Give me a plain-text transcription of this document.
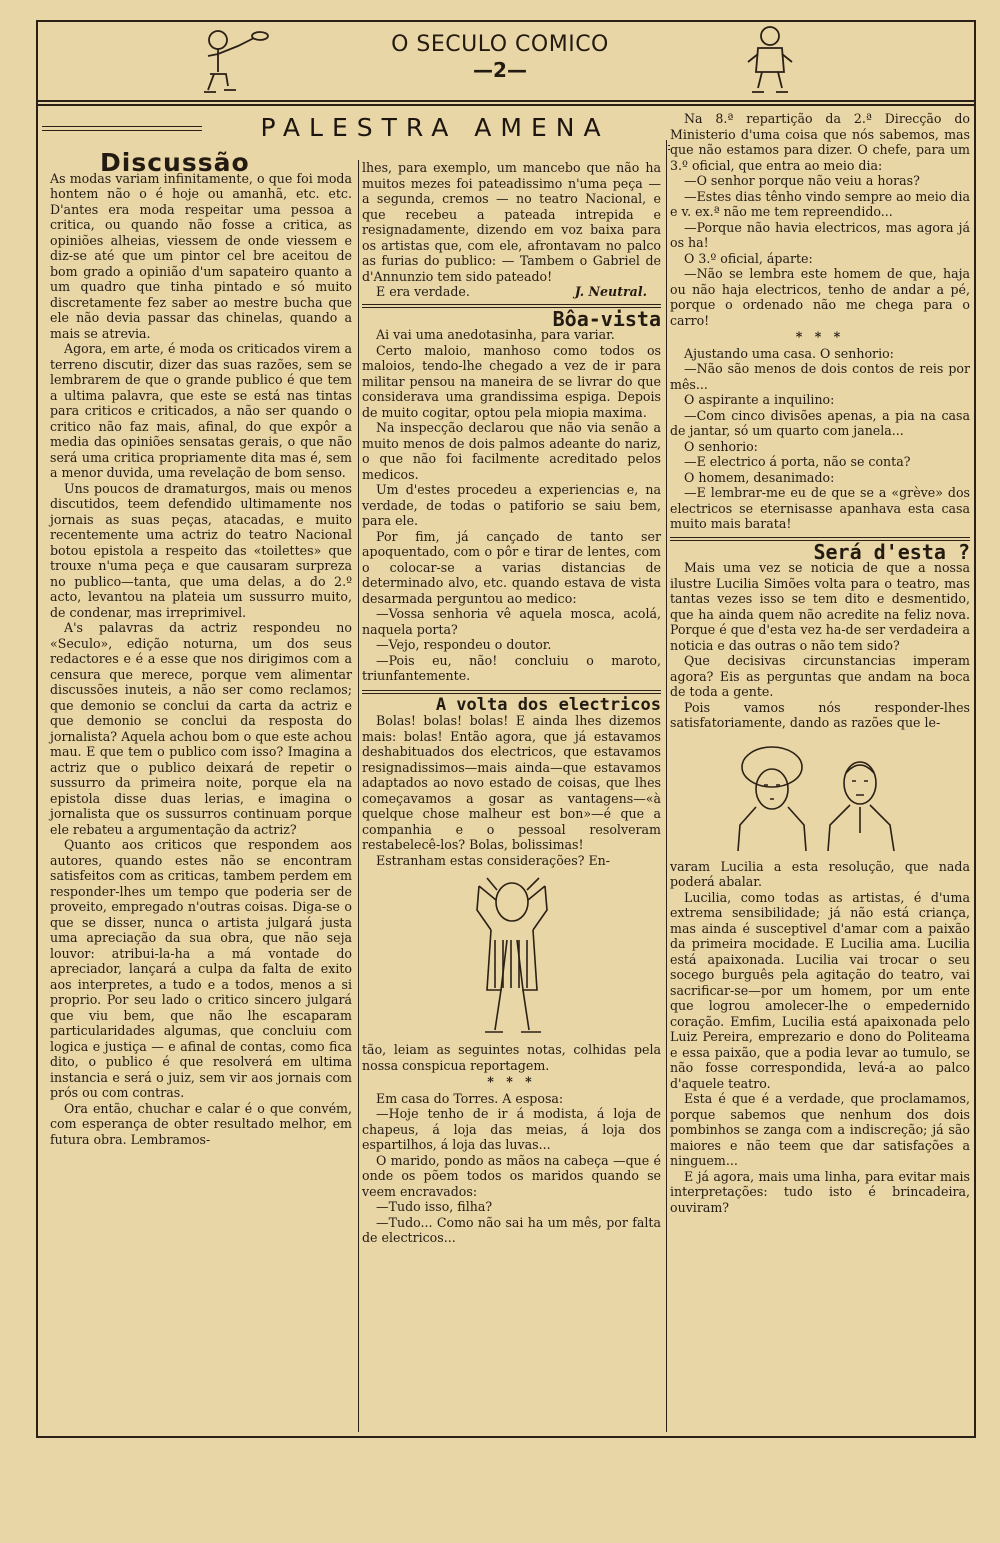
O SECULO COMICO
—2—
PALESTRA AMENA

Discussão

As modas variam infinitamente, o que foi moda hontem não o é hoje ou amanhã, etc. etc. D'antes era moda respeitar uma pessoa a critica, ou quando não fosse a critica, as opiniões alheias, viessem de onde viessem e diz-se até que um pintor cel bre aceitou de bom grado a opinião d'um sapateiro quanto a um quadro que tinha pintado e só muito discretamente fez saber ao mestre bucha que ele não devia passar das chinelas, quando a mais se atrevia.

Agora, em arte, é moda os criticados virem a terreno discutir, dizer das suas razões, sem se lembrarem de que o grande publico é que tem a ultima palavra, que este se está nas tintas para criticos e criticados, a não ser quando o critico não faz mais, afinal, do que expôr a media das opiniões sensatas gerais, o que não será uma critica propriamente dita mas é, sem a menor duvida, uma revelação de bom senso.

Uns poucos de dramaturgos, mais ou menos discutidos, teem defendido ultimamente nos jornais as suas peças, atacadas, e muito recentemente uma actriz do teatro Nacional botou epistola a respeito das «toilettes» que trouxe n'uma peça e que causaram surpreza no publico—tanta, que uma delas, a do 2.º acto, levantou na plateia um sussurro muito, de condenar, mas irreprimivel.

A's palavras da actriz respondeu no «Seculo», edição noturna, um dos seus redactores e é a esse que nos dirigimos com a censura que merece, porque vem alimentar discussões inuteis, a não ser como reclamos; que demonio se conclui da carta da actriz e que demonio se conclui da resposta do jornalista? Aquela achou bom o que este achou mau. E que tem o publico com isso? Imagina a actriz que o publico deixará de repetir o sussurro da primeira noite, porque ela na epistola disse duas lerias, e imagina o jornalista que os sussurros continuam porque ele rebateu a argumentação da actriz?

Quanto aos criticos que respondem aos autores, quando estes não se encontram satisfeitos com as criticas, tambem perdem em responder-lhes um tempo que poderia ser de proveito, empregado n'outras coisas. Diga-se o que se disser, nunca o artista julgará justa uma apreciação da sua obra, que não seja louvor: atribui-la-ha a má vontade do apreciador, lançará a culpa da falta de exito aos interpretes, a tudo e a todos, menos a si proprio. Por seu lado o critico sincero julgará que viu bem, que não lhe escaparam particularidades algumas, que concluiu com logica e justiça — e afinal de contas, como fica dito, o publico é que resolverá em ultima instancia e será o juiz, sem vir aos jornais com prós ou com contras.

Ora então, chuchar e calar é o que convém, com esperança de obter resultado melhor, em futura obra. Lembramos-

lhes, para exemplo, um mancebo que não ha muitos mezes foi pateadissimo n'uma peça — a segunda, cremos — no teatro Nacional, e que recebeu a pateada intrepida e resignadamente, dizendo em voz baixa para os artistas que, com ele, afrontavam no palco as furias do publico: — Tambem o Gabriel de d'Annunzio tem sido pateado!

E era verdade.	J. Neutral.

Bôa-vista

Ai vai uma anedotasinha, para variar.

Certo maloio, manhoso como todos os maloios, tendo-lhe chegado a vez de ir para militar pensou na maneira de se livrar do que considerava uma grandissima espiga. Depois de muito cogitar, optou pela miopia maxima.

Na inspecção declarou que não via senão a muito menos de dois palmos adeante do nariz, o que não foi facilmente acreditado pelos medicos.

Um d'estes procedeu a experiencias e, na verdade, de todas o patiforio se saiu bem, para ele.

Por fim, já cançado de tanto ser apoquentado, com o pôr e tirar de lentes, com o colocar-se a varias distancias de determinado alvo, etc. quando estava de vista desarmada perguntou ao medico:

—Vossa senhoria vê aquela mosca, acolá, naquela porta?

—Vejo, respondeu o doutor.

—Pois eu, não! concluiu o maroto, triunfantemente.

A volta dos electricos

Bolas! bolas! bolas! E ainda lhes dizemos mais: bolas! Então agora, que já estavamos deshabituados dos electricos, que estavamos resignadissimos—mais ainda—que estavamos adaptados ao novo estado de coisas, que lhes começavamos a gosar as vantagens—«à quelque chose malheur est bon»—é que a companhia e o pessoal resolveram restabelecê-los? Bolas, bolissimas!

Estranham estas considerações? En-

tão, leiam as seguintes notas, colhidas pela nossa conspicua reportagem.

* * *

Em casa do Torres. A esposa:

—Hoje tenho de ir á modista, á loja de chapeus, á loja das meias, á loja dos espartilhos, á loja das luvas...

O marido, pondo as mãos na cabeça —que é onde os põem todos os maridos quando se veem encravados:

—Tudo isso, filha?

—Tudo... Como não sai ha um mês, por falta de electricos...

Na 8.ª repartição da 2.ª Direcção do Ministerio d'uma coisa que nós sabemos, mas que não estamos para dizer. O chefe, para um 3.º oficial, que entra ao meio dia:

—O senhor porque não veiu a horas?

—Estes dias tênho vindo sempre ao meio dia e v. ex.ª não me tem repreendido...

—Porque não havia electricos, mas agora já os ha!

O 3.º oficial, áparte:

—Não se lembra este homem de que, haja ou não haja electricos, tenho de andar a pé, porque o ordenado não me chega para o carro!

* * *

Ajustando uma casa. O senhorio:

—Não são menos de dois contos de reis por mês...

O aspirante a inquilino:

—Com cinco divisões apenas, a pia na casa de jantar, só um quarto com janela...

O senhorio:

—E electrico á porta, não se conta?

O homem, desanimado:

—E lembrar-me eu de que se a «grève» dos electricos se eternisasse apanhava esta casa muito mais barata!

Será d'esta ?

Mais uma vez se noticia de que a nossa ilustre Lucilia Simões volta para o teatro, mas tantas vezes isso se tem dito e desmentido, que ha ainda quem não acredite na feliz nova. Porque é que d'esta vez ha-de ser verdadeira a noticia e das outras o não tem sido?

Que decisivas circunstancias imperam agora? Eis as perguntas que andam na boca de toda a gente.

Pois vamos nós responder-lhes satisfatoriamente, dando as razões que le-

varam Lucilia a esta resolução, que nada poderá abalar.

Lucilia, como todas as artistas, é d'uma extrema sensibilidade; já não está criança, mas ainda é susceptivel d'amar com a paixão da primeira mocidade. E Lucilia ama. Lucilia está apaixonada. Lucilia vai trocar o seu socego burguês pela agitação do teatro, vai sacrificar-se—por um homem, por um ente que logrou amolecer-lhe o empedernido coração. Emfim, Lucilia está apaixonada pelo Luiz Pereira, emprezario e dono do Politeama e essa paixão, que a podia levar ao tumulo, se não fosse correspondida, levá-a ao palco d'aquele teatro.

Esta é que é a verdade, que proclamamos, porque sabemos que nenhum dos dois pombinhos se zanga com a indiscreção; já são maiores e não teem que dar satisfações a ninguem...

E já agora, mais uma linha, para evitar mais interpretações: tudo isto é brincadeira, ouviram?
